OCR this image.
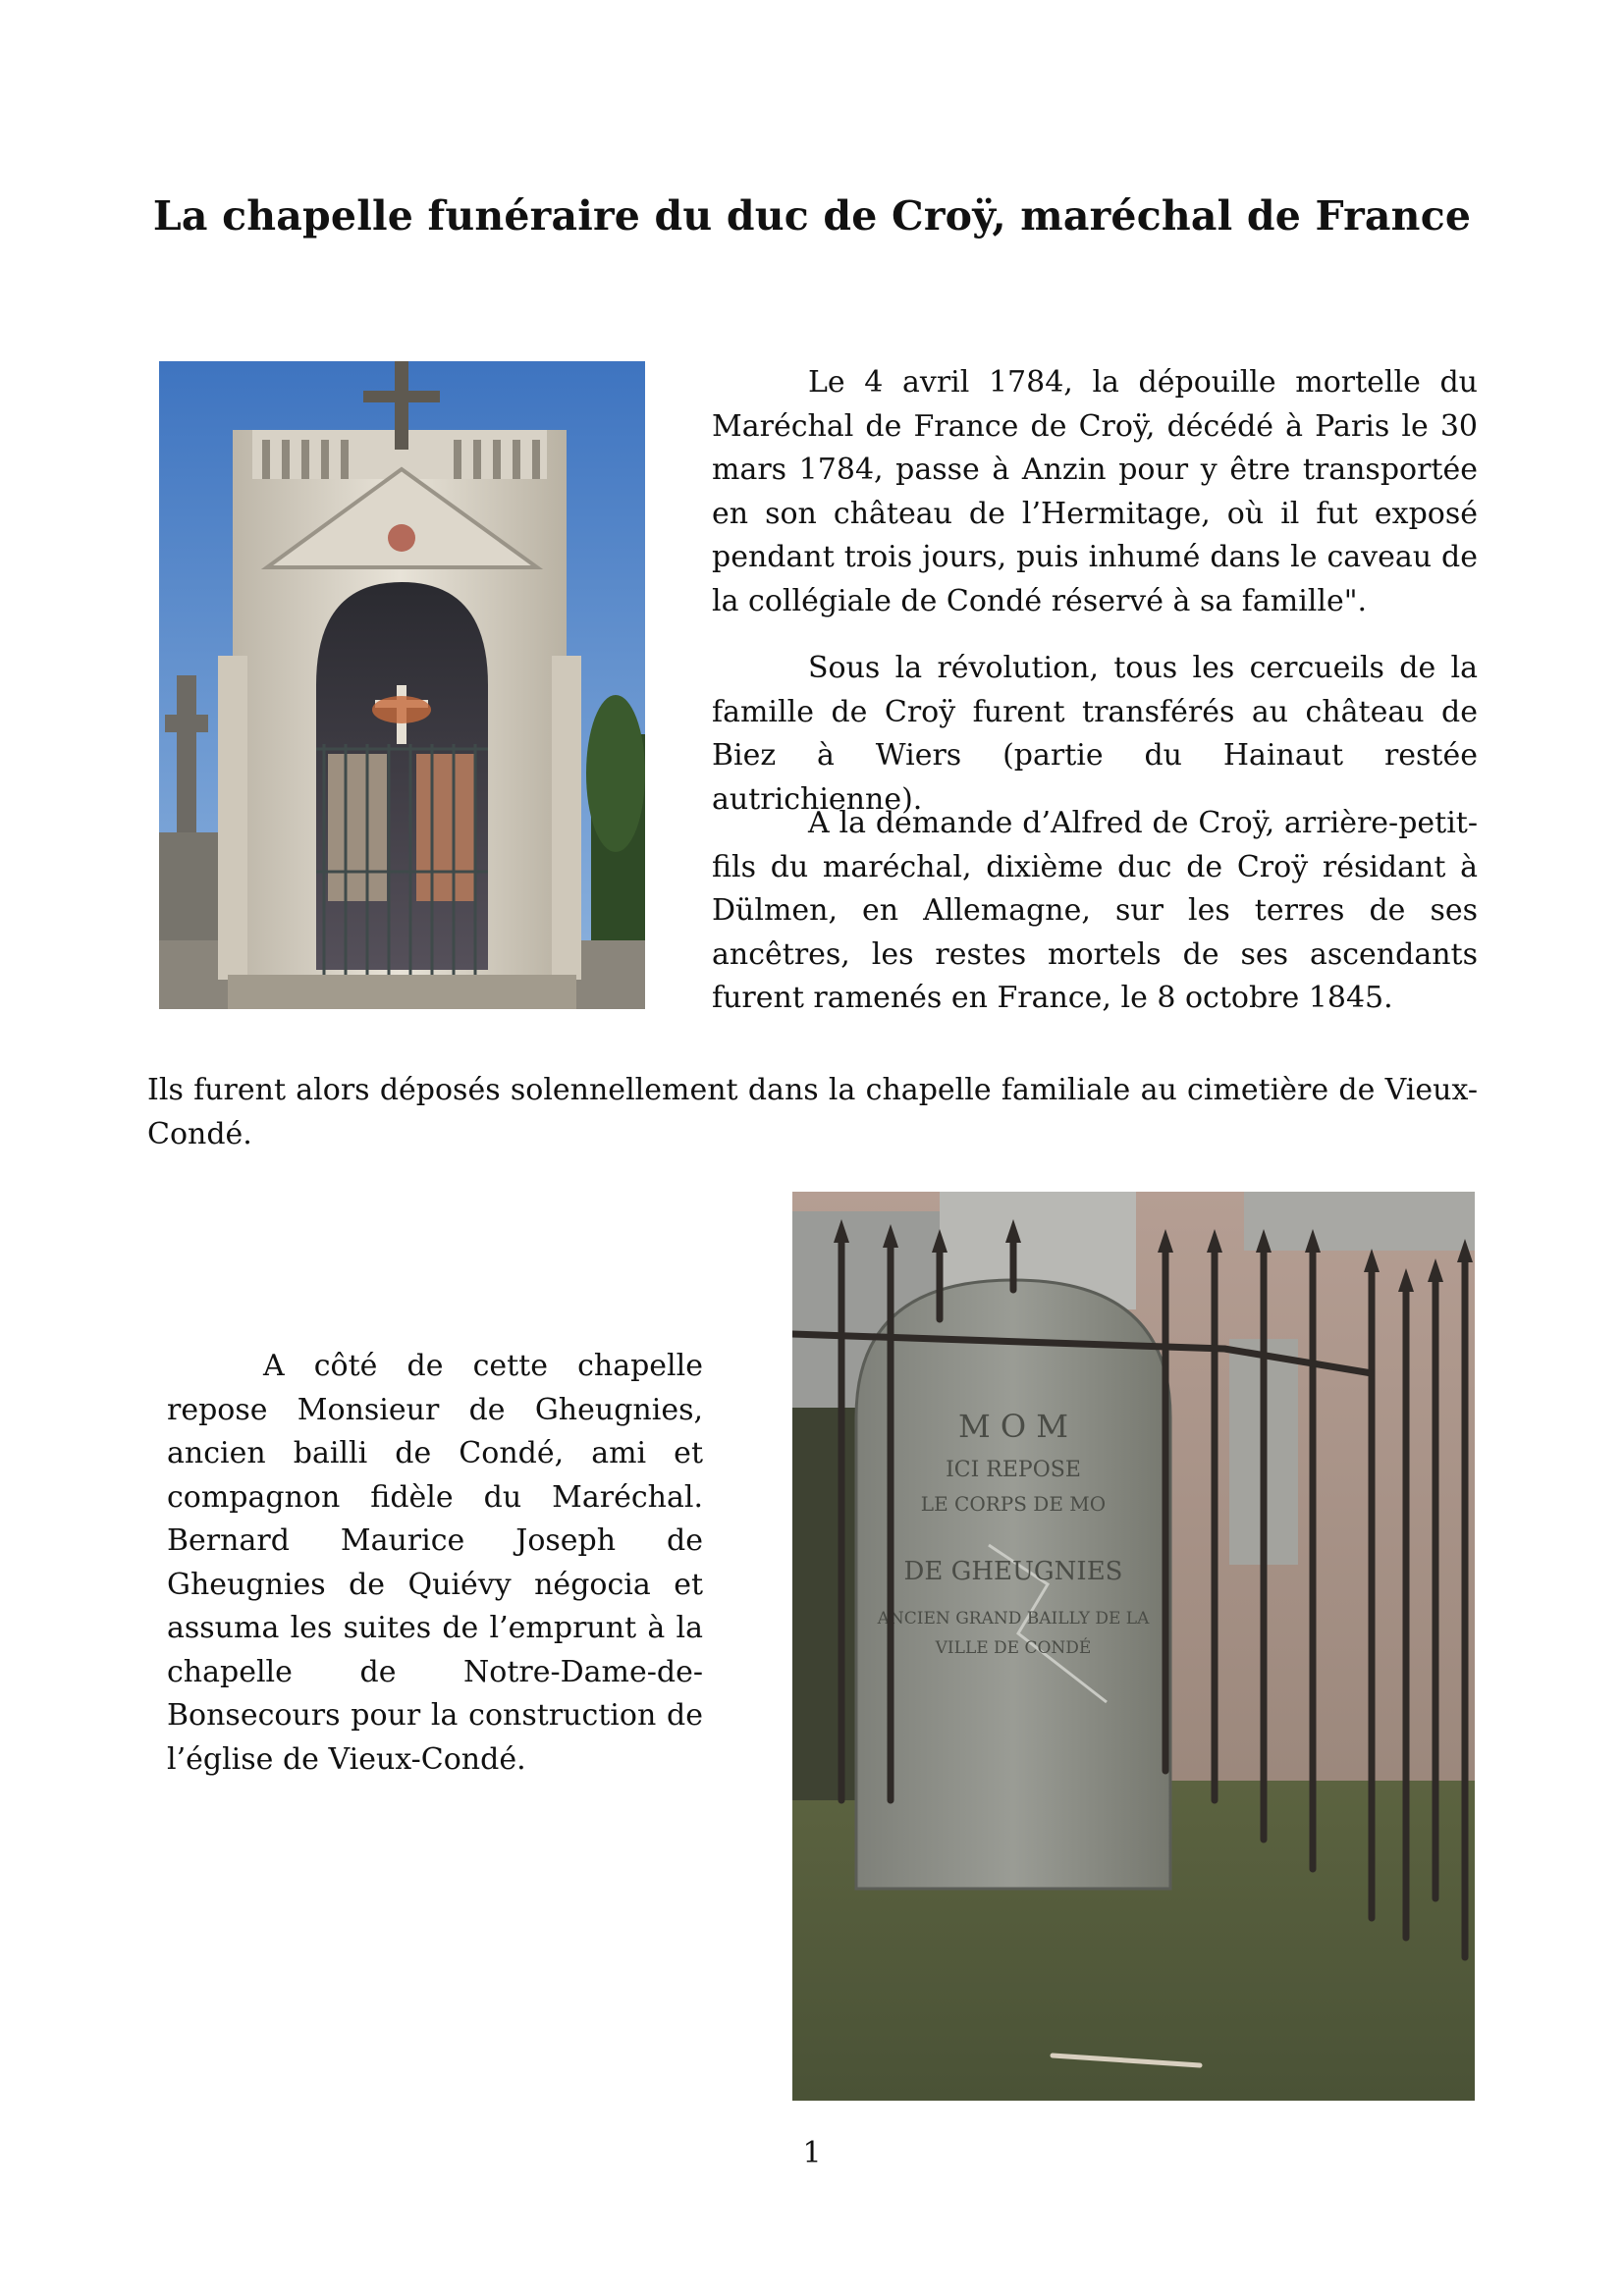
La chapelle funéraire du duc de Croÿ, maréchal de France

Le 4 avril 1784, la dépouille mortelle du Maréchal de France de Croÿ, décédé à Paris le 30 mars 1784, passe à Anzin pour y être transportée en son château de l’Hermitage, où il fut exposé pendant trois jours, puis inhumé dans le caveau de la collégiale de Condé réservé à sa famille".

Sous la révolution, tous les cercueils de la famille de Croÿ furent transférés au château de Biez à Wiers (partie du Hainaut restée autrichienne).

A la demande d’Alfred de Croÿ, arrière-petit-fils du maréchal, dixième duc de Croÿ résidant à Dülmen, en Allemagne, sur les terres de ses ancêtres, les restes mortels de ses ascendants furent ramenés en France, le 8 octobre 1845.

Ils furent alors déposés solennellement dans la chapelle familiale au cimetière de Vieux-Condé.

A côté de cette chapelle repose Monsieur de Gheugnies, ancien bailli de Condé, ami et compagnon fidèle du Maréchal. Bernard Maurice Joseph de Gheugnies de Quiévy négocia et assuma les suites de l’emprunt à la chapelle de Notre-Dame-de-Bonsecours pour la construction de l’église de Vieux-Condé.

M O M
ICI REPOSE
LE CORPS DE MO
DE GHEUGNIES
ANCIEN GRAND BAILLY DE LA
VILLE DE CONDÉ
1
